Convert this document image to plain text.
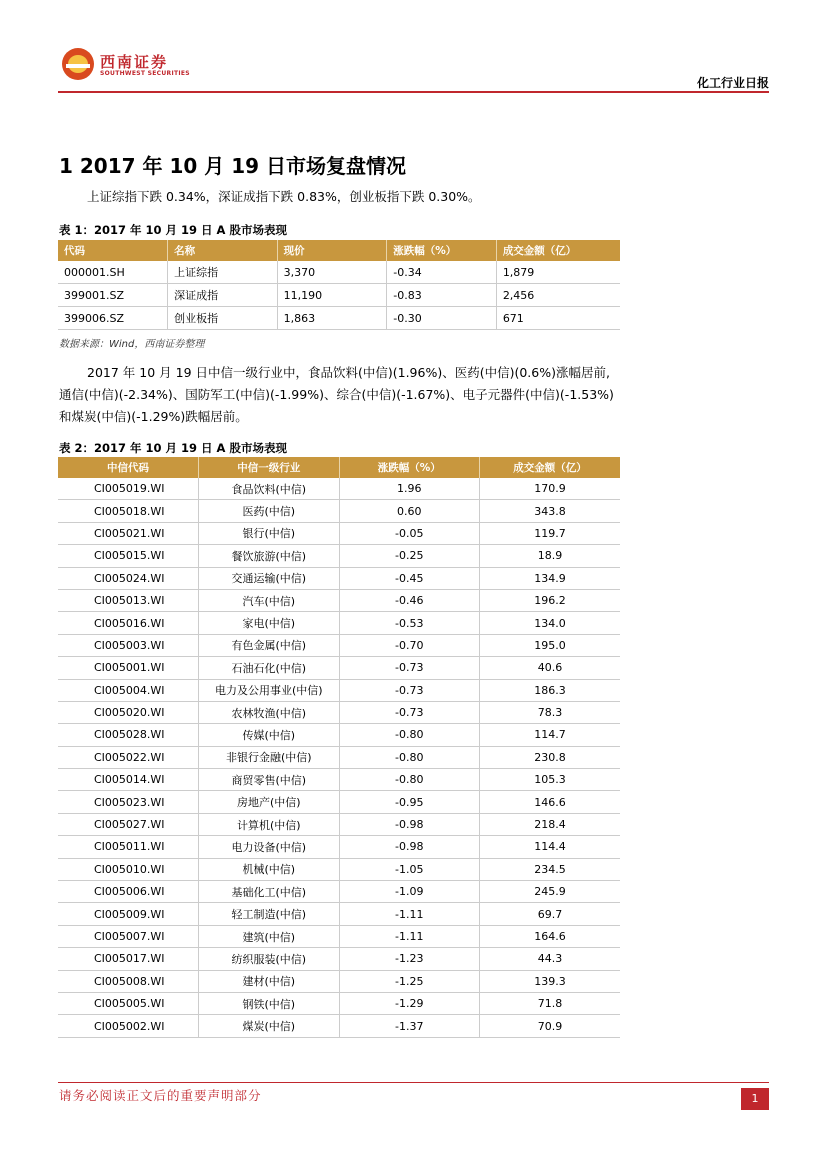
西南证券
SOUTHWEST SECURITIES
化工行业日报
1 2017 年 10 月 19 日市场复盘情况
上证综指下跌 0.34%，深证成指下跌 0.83%，创业板指下跌 0.30%。
表 1：2017 年 10 月 19 日 A 股市场表现
代码	名称	现价	涨跌幅（%）	成交金额（亿）
000001.SH	上证综指	3,370	-0.34	1,879
399001.SZ	深证成指	11,190	-0.83	2,456
399006.SZ	创业板指	1,863	-0.30	671
数据来源：Wind，西南证券整理
2017 年 10 月 19 日中信一级行业中，食品饮料(中信)(1.96%)、医药(中信)(0.6%)涨幅居前,通信(中信)(-2.34%)、国防军工(中信)(-1.99%)、综合(中信)(-1.67%)、电子元器件(中信)(-1.53%)和煤炭(中信)(-1.29%)跌幅居前。
表 2：2017 年 10 月 19 日 A 股市场表现
中信代码	中信一级行业	涨跌幅（%）	成交金额（亿）
CI005019.WI	食品饮料(中信)	1.96	170.9
CI005018.WI	医药(中信)	0.60	343.8
CI005021.WI	银行(中信)	-0.05	119.7
CI005015.WI	餐饮旅游(中信)	-0.25	18.9
CI005024.WI	交通运输(中信)	-0.45	134.9
CI005013.WI	汽车(中信)	-0.46	196.2
CI005016.WI	家电(中信)	-0.53	134.0
CI005003.WI	有色金属(中信)	-0.70	195.0
CI005001.WI	石油石化(中信)	-0.73	40.6
CI005004.WI	电力及公用事业(中信)	-0.73	186.3
CI005020.WI	农林牧渔(中信)	-0.73	78.3
CI005028.WI	传媒(中信)	-0.80	114.7
CI005022.WI	非银行金融(中信)	-0.80	230.8
CI005014.WI	商贸零售(中信)	-0.80	105.3
CI005023.WI	房地产(中信)	-0.95	146.6
CI005027.WI	计算机(中信)	-0.98	218.4
CI005011.WI	电力设备(中信)	-0.98	114.4
CI005010.WI	机械(中信)	-1.05	234.5
CI005006.WI	基础化工(中信)	-1.09	245.9
CI005009.WI	轻工制造(中信)	-1.11	69.7
CI005007.WI	建筑(中信)	-1.11	164.6
CI005017.WI	纺织服装(中信)	-1.23	44.3
CI005008.WI	建材(中信)	-1.25	139.3
CI005005.WI	钢铁(中信)	-1.29	71.8
CI005002.WI	煤炭(中信)	-1.37	70.9
请务必阅读正文后的重要声明部分	1
